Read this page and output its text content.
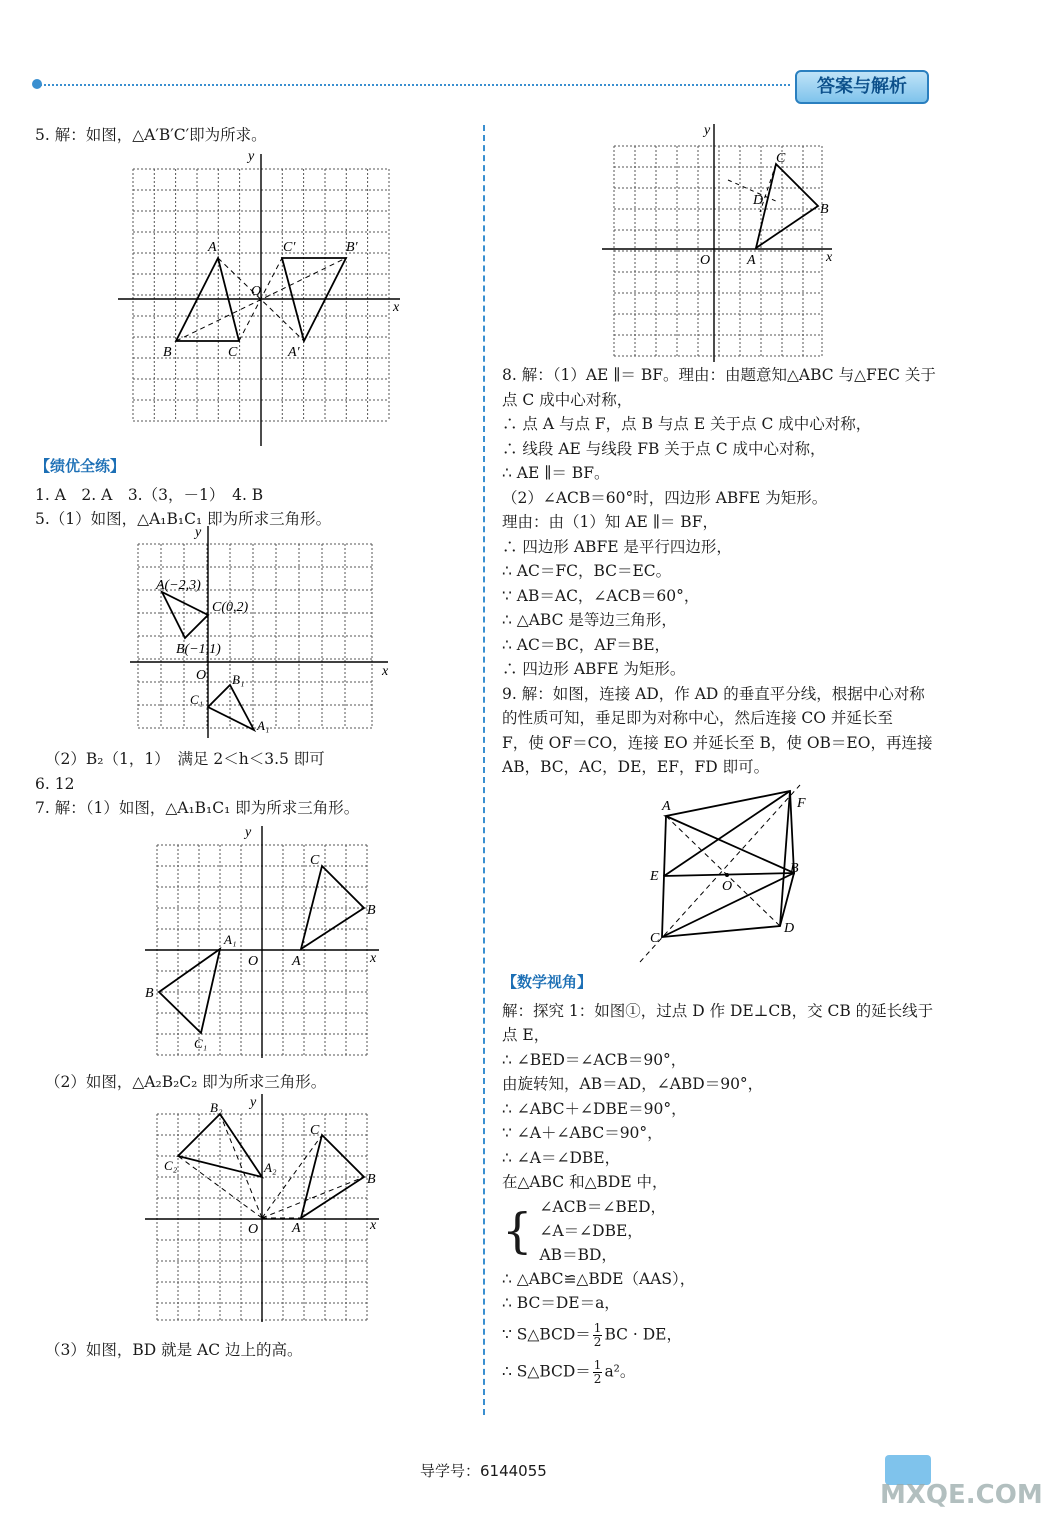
答案与解析

5. 解：如图，△A′B′C′即为所求。

x
y
O
A
B	C
C′	B′
A′

【绩优全练】

1. A　2. A　3.（3，－1）　4. B

5.（1）如图，△A₁B₁C₁ 即为所求三角形。

x
y
O
A(−2,3)
C(0,2)
B(−1,1)
C₁
B₁
A₁

（2）B₂（1，1）　满足 2＜h＜3.5 即可

6. 12

7. 解：（1）如图，△A₁B₁C₁ 即为所求三角形。

x
y
O A
B
C
A₁
B
C₁

（2）如图，△A₂B₂C₂ 即为所求三角形。

x
y
O A
B
C
A₂
B₂
C₂

（3）如图，BD 就是 AC 边上的高。

x
y
O	A
B
C
D

8. 解：（1）AE ∥＝ BF。理由：由题意知△ABC 与△FEC 关于

点 C 成中心对称，

∴ 点 A 与点 F，点 B 与点 E 关于点 C 成中心对称，

∴ 线段 AE 与线段 FB 关于点 C 成中心对称，

∴ AE ∥＝ BF。

（2）∠ACB＝60°时，四边形 ABFE 为矩形。

理由：由（1）知 AE ∥＝ BF，

∴ 四边形 ABFE 是平行四边形，

∴ AC＝FC，BC＝EC。

∵ AB＝AC，∠ACB＝60°，

∴ △ABC 是等边三角形，

∴ AC＝BC，AF＝BE，

∴ 四边形 ABFE 为矩形。

9. 解：如图，连接 AD，作 AD 的垂直平分线，根据中心对称

的性质可知，垂足即为对称中心，然后连接 CO 并延长至

F，使 OF＝CO，连接 EO 并延长至 B，使 OB＝EO，再连接

AB，BC，AC，DE，EF，FD 即可。

A	F
E
B
O
C
D

【数学视角】

解：探究 1：如图①，过点 D 作 DE⊥CB，交 CB 的延长线于

点 E，

∴ ∠BED＝∠ACB＝90°，

由旋转知，AB＝AD，∠ABD＝90°，

∴ ∠ABC＋∠DBE＝90°，

∵ ∠A＋∠ABC＝90°，

∴ ∠A＝∠DBE，

在△ABC 和△BDE 中，

{ ∠ACB＝∠BED，
∠A＝∠DBE，
AB＝BD，

∴ △ABC≌△BDE（AAS），

∴ BC＝DE＝a，

∵ S△BCD＝ $\frac{1}{2}$ BC · DE，

∴ S△BCD＝ $\frac{1}{2} a^2$。

导学号：6144055
MXQE.COM
